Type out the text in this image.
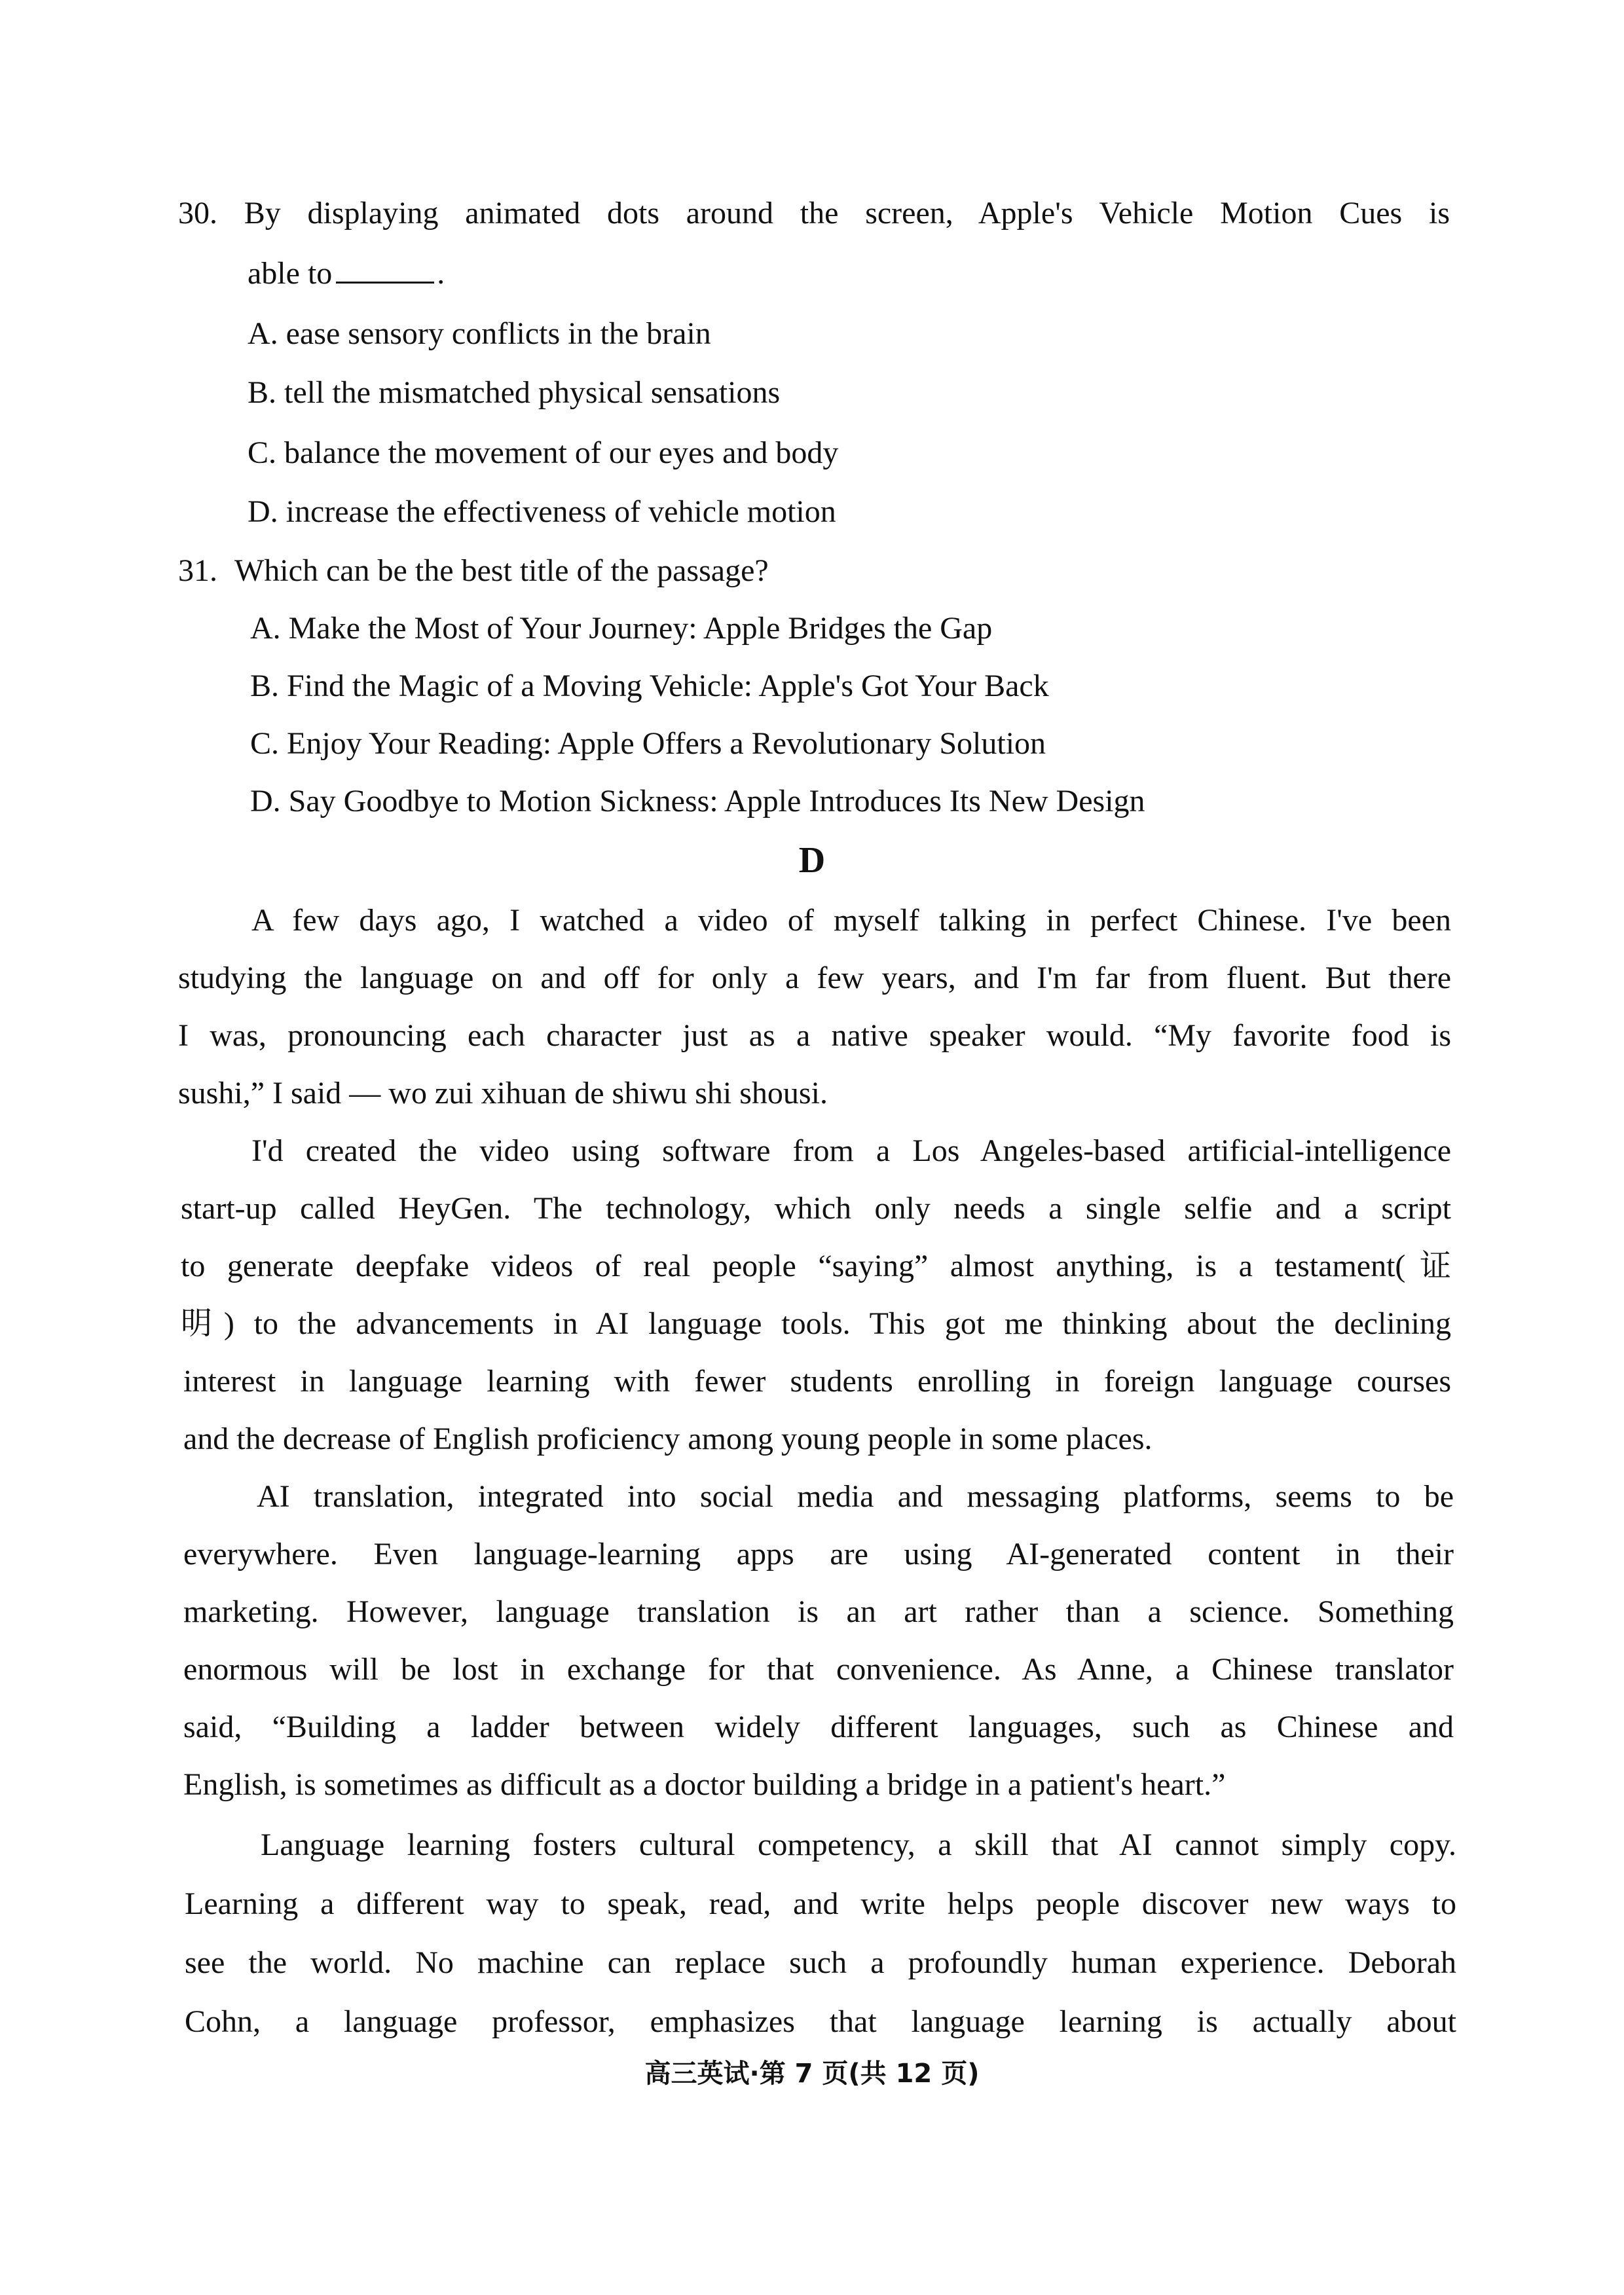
30. By displaying animated dots around the screen, Apple's Vehicle Motion Cues is
able to	.
A. ease sensory conflicts in the brain
B. tell the mismatched physical sensations
C. balance the movement of our eyes and body
D. increase the effectiveness of vehicle motion
31. Which can be the best title of the passage?
A. Make the Most of Your Journey: Apple Bridges the Gap
B. Find the Magic of a Moving Vehicle: Apple's Got Your Back
C. Enjoy Your Reading: Apple Offers a Revolutionary Solution
D. Say Goodbye to Motion Sickness: Apple Introduces Its New Design
D
A few days ago, I watched a video of myself talking in perfect Chinese. I've been
studying the language on and off for only a few years, and I'm far from fluent. But there
I was, pronouncing each character just as a native speaker would. “My favorite food is
sushi,” I said — wo zui xihuan de shiwu shi shousi.
I'd created the video using software from a Los Angeles-based artificial-intelligence
start-up called HeyGen. The technology, which only needs a single selfie and a script
to generate deepfake videos of real people “saying” almost anything, is a testament(证
明) to the advancements in AI language tools. This got me thinking about the declining
interest in language learning with fewer students enrolling in foreign language courses
and the decrease of English proficiency among young people in some places.
AI translation, integrated into social media and messaging platforms, seems to be
everywhere. Even language-learning apps are using AI-generated content in their
marketing. However, language translation is an art rather than a science. Something
enormous will be lost in exchange for that convenience. As Anne, a Chinese translator
said, “Building a ladder between widely different languages, such as Chinese and
English, is sometimes as difficult as a doctor building a bridge in a patient's heart.”
Language learning fosters cultural competency, a skill that AI cannot simply copy.
Learning a different way to speak, read, and write helps people discover new ways to
see the world. No machine can replace such a profoundly human experience. Deborah
Cohn, a language professor, emphasizes that language learning is actually about
高三英试·第 7 页(共 12 页)
